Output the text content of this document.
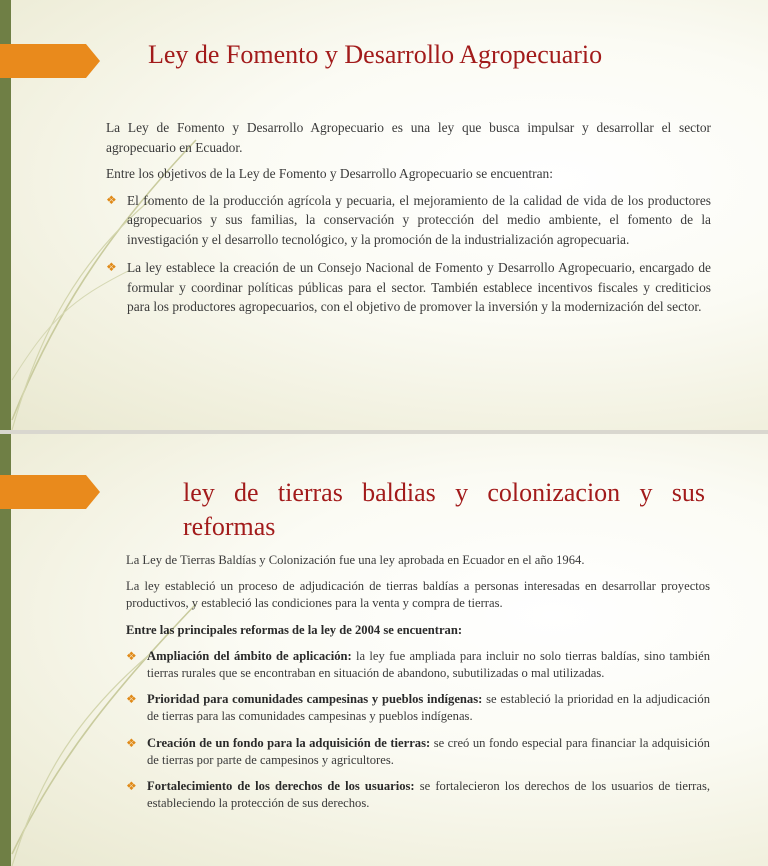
Ley de Fomento y Desarrollo Agropecuario

La Ley de Fomento y Desarrollo Agropecuario es una ley que busca impulsar y desarrollar el sector agropecuario en Ecuador.

Entre los objetivos de la Ley de Fomento y Desarrollo Agropecuario se encuentran:

❖ El fomento de la producción agrícola y pecuaria, el mejoramiento de la calidad de vida de los productores agropecuarios y sus familias, la conservación y protección del medio ambiente, el fomento de la investigación y el desarrollo tecnológico, y la promoción de la industrialización agropecuaria.
❖ La ley establece la creación de un Consejo Nacional de Fomento y Desarrollo Agropecuario, encargado de formular y coordinar políticas públicas para el sector. También establece incentivos fiscales y crediticios para los productores agropecuarios, con el objetivo de promover la inversión y la modernización del sector.
ley de tierras baldias y colonizacion y sus reformas

La Ley de Tierras Baldías y Colonización fue una ley aprobada en Ecuador en el año 1964.

La ley estableció un proceso de adjudicación de tierras baldías a personas interesadas en desarrollar proyectos productivos, y estableció las condiciones para la venta y compra de tierras.

Entre las principales reformas de la ley de 2004 se encuentran:

❖ Ampliación del ámbito de aplicación: la ley fue ampliada para incluir no solo tierras baldías, sino también tierras rurales que se encontraban en situación de abandono, subutilizadas o mal utilizadas.
❖ Prioridad para comunidades campesinas y pueblos indígenas: se estableció la prioridad en la adjudicación de tierras para las comunidades campesinas y pueblos indígenas.
❖ Creación de un fondo para la adquisición de tierras: se creó un fondo especial para financiar la adquisición de tierras por parte de campesinos y agricultores.
❖ Fortalecimiento de los derechos de los usuarios: se fortalecieron los derechos de los usuarios de tierras, estableciendo la protección de sus derechos.
